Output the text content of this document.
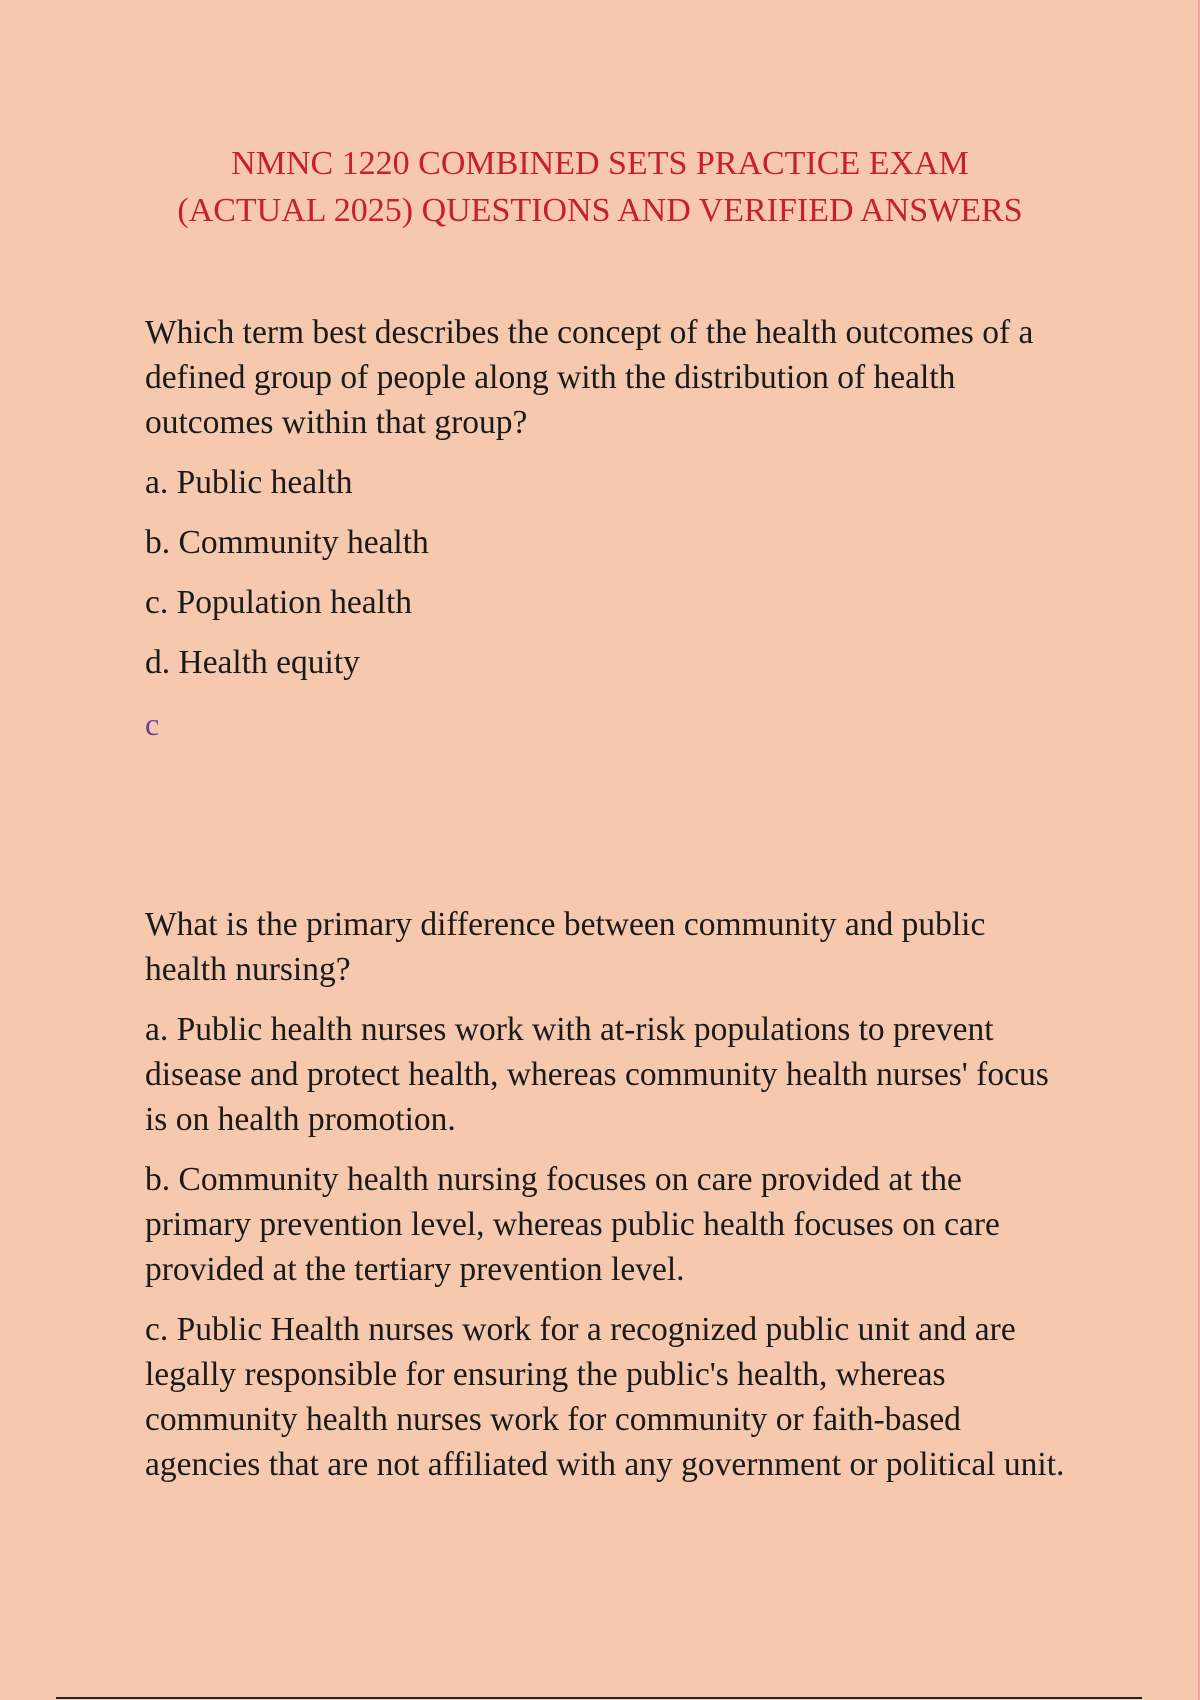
NMNC 1220 COMBINED SETS PRACTICE EXAM
(ACTUAL 2025) QUESTIONS AND VERIFIED ANSWERS

Which term best describes the concept of the health outcomes of a defined group of people along with the distribution of health outcomes within that group?

a. Public health

b. Community health

c. Population health

d. Health equity

c

What is the primary difference between community and public health nursing?

a. Public health nurses work with at-risk populations to prevent disease and protect health, whereas community health nurses' focus is on health promotion.

b. Community health nursing focuses on care provided at the primary prevention level, whereas public health focuses on care provided at the tertiary prevention level.

c. Public Health nurses work for a recognized public unit and are legally responsible for ensuring the public's health, whereas community health nurses work for community or faith-based agencies that are not affiliated with any government or political unit.
